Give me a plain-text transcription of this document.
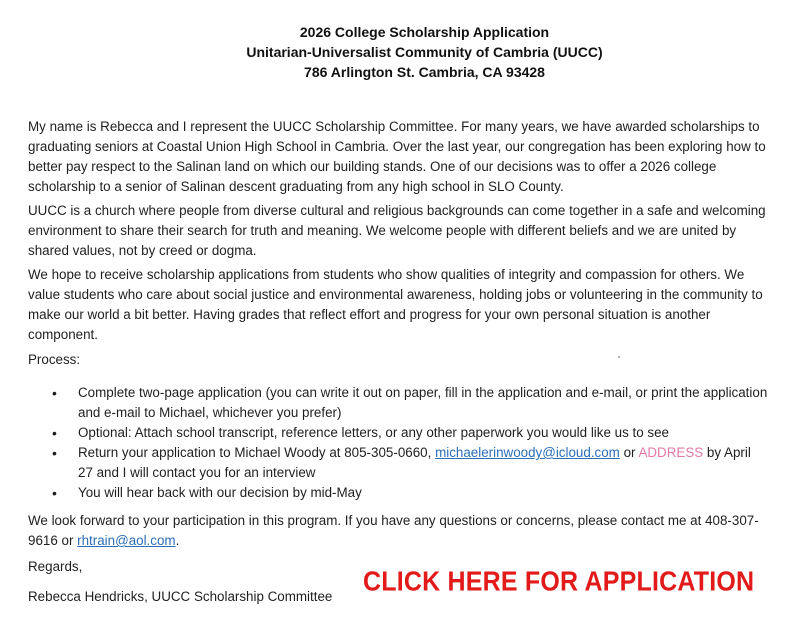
2026 College Scholarship Application
Unitarian-Universalist Community of Cambria (UUCC)
786 Arlington St. Cambria, CA 93428
My name is Rebecca and I represent the UUCC Scholarship Committee. For many years, we have awarded scholarships to graduating seniors at Coastal Union High School in Cambria. Over the last year, our congregation has been exploring how to better pay respect to the Salinan land on which our building stands. One of our decisions was to offer a 2026 college scholarship to a senior of Salinan descent graduating from any high school in SLO County.
UUCC is a church where people from diverse cultural and religious backgrounds can come together in a safe and welcoming environment to share their search for truth and meaning. We welcome people with different beliefs and we are united by shared values, not by creed or dogma.
We hope to receive scholarship applications from students who show qualities of integrity and compassion for others. We value students who care about social justice and environmental awareness, holding jobs or volunteering in the community to make our world a bit better. Having grades that reflect effort and progress for your own personal situation is another component.
Process:
• Complete two-page application (you can write it out on paper, fill in the application and e-mail, or print the application and e-mail to Michael, whichever you prefer)
• Optional: Attach school transcript, reference letters, or any other paperwork you would like us to see
• Return your application to Michael Woody at 805-305-0660, michaelerinwoody@icloud.com or ADDRESS by April 27 and I will contact you for an interview
• You will hear back with our decision by mid-May
We look forward to your participation in this program. If you have any questions or concerns, please contact me at 408-307-9616 or rhtrain@aol.com.
Regards,
Rebecca Hendricks, UUCC Scholarship Committee	CLICK HERE FOR APPLICATION
